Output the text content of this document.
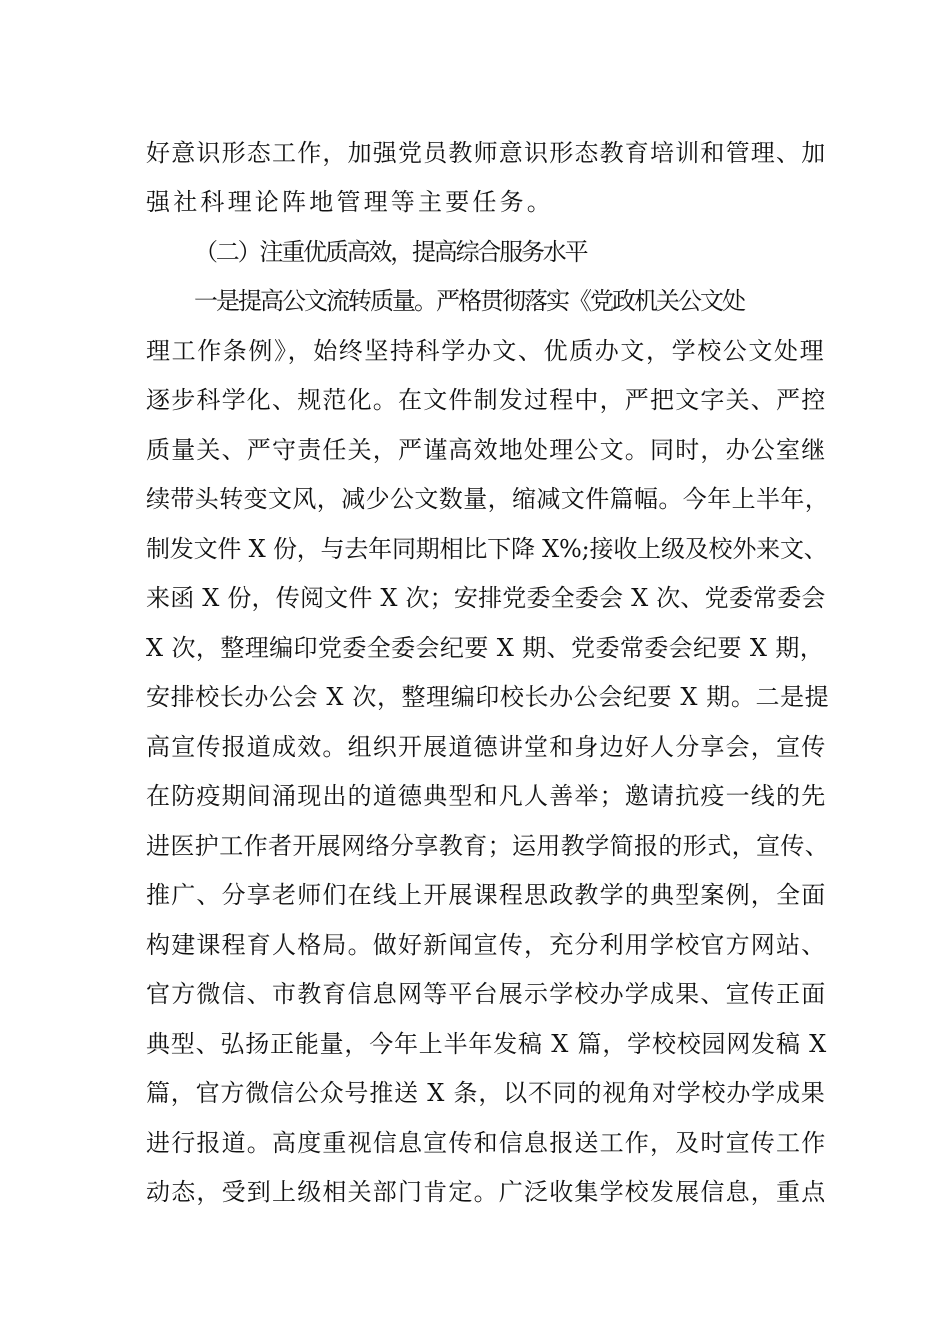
好意识形态工作，加强党员教师意识形态教育培训和管理、加
强社科理论阵地管理等主要任务。
（二）注重优质高效，提高综合服务水平
一是提高公文流转质量。严格贯彻落实《党政机关公文处
理工作条例》，始终坚持科学办文、优质办文，学校公文处理
逐步科学化、规范化。在文件制发过程中，严把文字关、严控
质量关、严守责任关，严谨高效地处理公文。同时，办公室继
续带头转变文风，减少公文数量，缩减文件篇幅。今年上半年，
制发文件 X 份，与去年同期相比下降 X%;接收上级及校外来文、
来函 X 份，传阅文件 X 次；安排党委全委会 X 次、党委常委会
X 次，整理编印党委全委会纪要 X 期、党委常委会纪要 X 期，
安排校长办公会 X 次，整理编印校长办公会纪要 X 期。二是提
高宣传报道成效。组织开展道德讲堂和身边好人分享会，宣传
在防疫期间涌现出的道德典型和凡人善举；邀请抗疫一线的先
进医护工作者开展网络分享教育；运用教学简报的形式，宣传、
推广、分享老师们在线上开展课程思政教学的典型案例，全面
构建课程育人格局。做好新闻宣传，充分利用学校官方网站、
官方微信、市教育信息网等平台展示学校办学成果、宣传正面
典型、弘扬正能量，今年上半年发稿 X 篇，学校校园网发稿 X
篇，官方微信公众号推送 X 条，以不同的视角对学校办学成果
进行报道。高度重视信息宣传和信息报送工作，及时宣传工作
动态，受到上级相关部门肯定。广泛收集学校发展信息，重点
